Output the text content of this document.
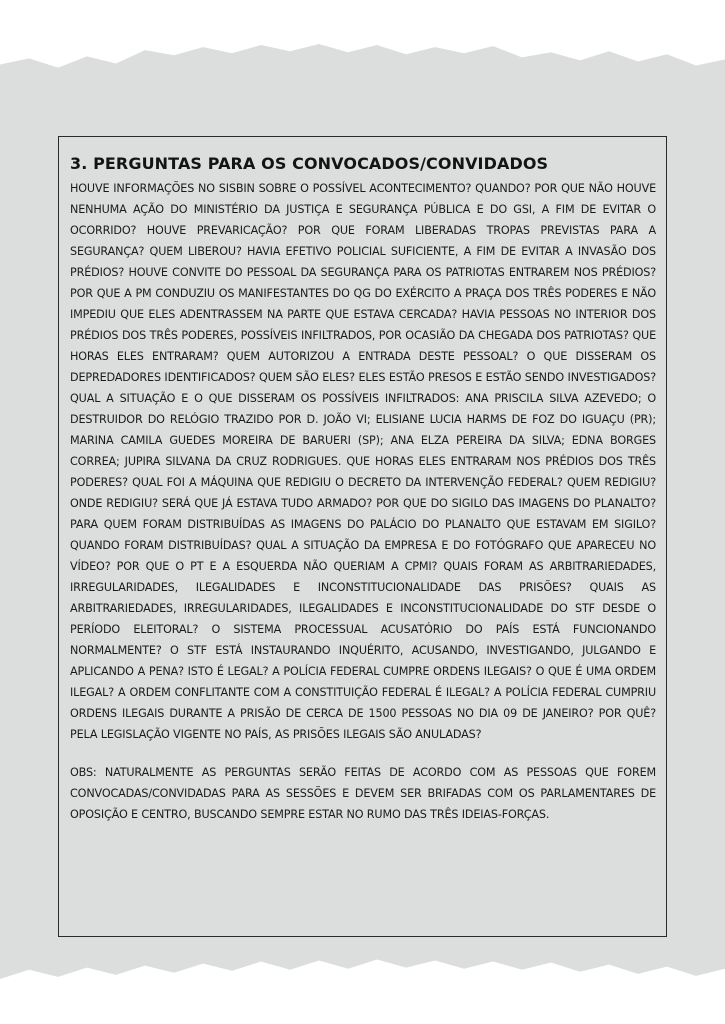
3. PERGUNTAS PARA OS CONVOCADOS/CONVIDADOS

HOUVE INFORMAÇÕES NO SISBIN SOBRE O POSSÍVEL ACONTECIMENTO? QUANDO? POR QUE NÃO HOUVE NENHUMA AÇÃO DO MINISTÉRIO DA JUSTIÇA E SEGURANÇA PÚBLICA E DO GSI, A FIM DE EVITAR O OCORRIDO? HOUVE PREVARICAÇÃO? POR QUE FORAM LIBERADAS TROPAS PREVISTAS PARA A SEGURANÇA? QUEM LIBEROU? HAVIA EFETIVO POLICIAL SUFICIENTE, A FIM DE EVITAR A INVASÃO DOS PRÉDIOS? HOUVE CONVITE DO PESSOAL DA SEGURANÇA PARA OS PATRIOTAS ENTRAREM NOS PRÉDIOS? POR QUE A PM CONDUZIU OS MANIFESTANTES DO QG DO EXÉRCITO A PRAÇA DOS TRÊS PODERES E NÃO IMPEDIU QUE ELES ADENTRASSEM NA PARTE QUE ESTAVA CERCADA? HAVIA PESSOAS NO INTERIOR DOS PRÉDIOS DOS TRÊS PODERES, POSSÍVEIS INFILTRADOS, POR OCASIÃO DA CHEGADA DOS PATRIOTAS? QUE HORAS ELES ENTRARAM? QUEM AUTORIZOU A ENTRADA DESTE PESSOAL? O QUE DISSERAM OS DEPREDADORES IDENTIFICADOS? QUEM SÃO ELES? ELES ESTÃO PRESOS E ESTÃO SENDO INVESTIGADOS? QUAL A SITUAÇÃO E O QUE DISSERAM OS POSSÍVEIS INFILTRADOS: ANA PRISCILA SILVA AZEVEDO; O DESTRUIDOR DO RELÓGIO TRAZIDO POR D. JOÃO VI; ELISIANE LUCIA HARMS DE FOZ DO IGUAÇU (PR); MARINA CAMILA GUEDES MOREIRA DE BARUERI (SP); ANA ELZA PEREIRA DA SILVA; EDNA BORGES CORREA; JUPIRA SILVANA DA CRUZ RODRIGUES. QUE HORAS ELES ENTRARAM NOS PRÉDIOS DOS TRÊS PODERES? QUAL FOI A MÁQUINA QUE REDIGIU O DECRETO DA INTERVENÇÃO FEDERAL? QUEM REDIGIU? ONDE REDIGIU? SERÁ QUE JÁ ESTAVA TUDO ARMADO? POR QUE DO SIGILO DAS IMAGENS DO PLANALTO? PARA QUEM FORAM DISTRIBUÍDAS AS IMAGENS DO PALÁCIO DO PLANALTO QUE ESTAVAM EM SIGILO? QUANDO FORAM DISTRIBUÍDAS? QUAL A SITUAÇÃO DA EMPRESA E DO FOTÓGRAFO QUE APARECEU NO VÍDEO? POR QUE O PT E A ESQUERDA NÃO QUERIAM A CPMI? QUAIS FORAM AS ARBITRARIEDADES, IRREGULARIDADES, ILEGALIDADES E INCONSTITUCIONALIDADE DAS PRISÕES? QUAIS AS ARBITRARIEDADES, IRREGULARIDADES, ILEGALIDADES E INCONSTITUCIONALIDADE DO STF DESDE O PERÍODO ELEITORAL? O SISTEMA PROCESSUAL ACUSATÓRIO DO PAÍS ESTÁ FUNCIONANDO NORMALMENTE? O STF ESTÁ INSTAURANDO INQUÉRITO, ACUSANDO, INVESTIGANDO, JULGANDO E APLICANDO A PENA? ISTO É LEGAL? A POLÍCIA FEDERAL CUMPRE ORDENS ILEGAIS? O QUE É UMA ORDEM ILEGAL? A ORDEM CONFLITANTE COM A CONSTITUIÇÃO FEDERAL É ILEGAL? A POLÍCIA FEDERAL CUMPRIU ORDENS ILEGAIS DURANTE A PRISÃO DE CERCA DE 1500 PESSOAS NO DIA 09 DE JANEIRO? POR QUÊ? PELA LEGISLAÇÃO VIGENTE NO PAÍS, AS PRISÕES ILEGAIS SÃO ANULADAS?

OBS: NATURALMENTE AS PERGUNTAS SERÃO FEITAS DE ACORDO COM AS PESSOAS QUE FOREM CONVOCADAS/CONVIDADAS PARA AS SESSÕES E DEVEM SER BRIFADAS COM OS PARLAMENTARES DE OPOSIÇÃO E CENTRO, BUSCANDO SEMPRE ESTAR NO RUMO DAS TRÊS IDEIAS-FORÇAS.
